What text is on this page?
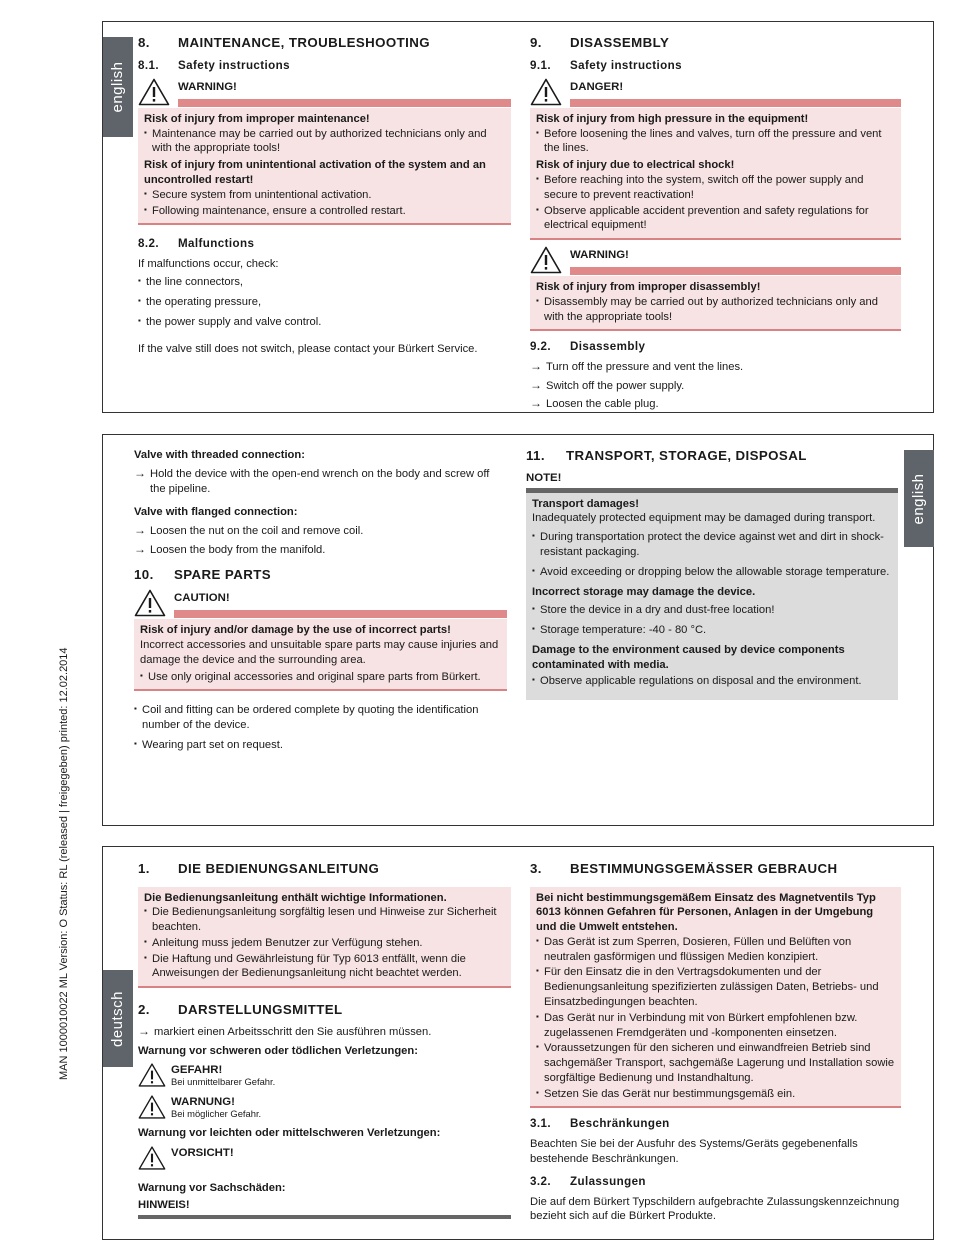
MAN 1000010022 ML Version: O Status: RL (released | freigegeben) printed: 12.02.2014
english
8. MAINTENANCE, TROUBLESHOOTING
8.1. Safety instructions
WARNING!
Risk of injury from improper maintenance!
▪ Maintenance may be carried out by authorized technicians only and with the appropriate tools!
Risk of injury from unintentional activation of the system and an uncontrolled restart!
▪ Secure system from unintentional activation.
▪ Following maintenance, ensure a controlled restart.
8.2. Malfunctions
If malfunctions occur, check:
▪ the line connectors,
▪ the operating pressure,
▪ the power supply and valve control.
If the valve still does not switch, please contact your Bürkert Service.
9. DISASSEMBLY
9.1. Safety instructions
DANGER!
Risk of injury from high pressure in the equipment!
▪ Before loosening the lines and valves, turn off the pressure and vent the lines.
Risk of injury due to electrical shock!
▪ Before reaching into the system, switch off the power supply and secure to prevent reactivation!
▪ Observe applicable accident prevention and safety regulations for electrical equipment!
WARNING!
Risk of injury from improper disassembly!
▪ Disassembly may be carried out by authorized technicians only and with the appropriate tools!
9.2. Disassembly
→ Turn off the pressure and vent the lines.
→ Switch off the power supply.
→ Loosen the cable plug.
english
Valve with threaded connection:
→ Hold the device with the open-end wrench on the body and screw off the pipeline.
Valve with flanged connection:
→ Loosen the nut on the coil and remove coil.
→ Loosen the body from the manifold.
10. SPARE PARTS
CAUTION!
Risk of injury and/or damage by the use of incorrect parts!
Incorrect accessories and unsuitable spare parts may cause injuries and damage the device and the surrounding area.
▪ Use only original accessories and original spare parts from Bürkert.
▪ Coil and fitting can be ordered complete by quoting the identification number of the device.
▪ Wearing part set on request.
11. TRANSPORT, STORAGE, DISPOSAL
NOTE!
Transport damages!
Inadequately protected equipment may be damaged during transport.
▪ During transportation protect the device against wet and dirt in shock-resistant packaging.
▪ Avoid exceeding or dropping below the allowable storage temperature.
Incorrect storage may damage the device.
▪ Store the device in a dry and dust-free location!
▪ Storage temperature: -40 - 80 °C.
Damage to the environment caused by device components contaminated with media.
▪ Observe applicable regulations on disposal and the environment.
deutsch
1. DIE BEDIENUNGSANLEITUNG
Die Bedienungsanleitung enthält wichtige Informationen.
▪ Die Bedienungsanleitung sorgfältig lesen und Hinweise zur Sicherheit beachten.
▪ Anleitung muss jedem Benutzer zur Verfügung stehen.
▪ Die Haftung und Gewährleistung für Typ 6013 entfällt, wenn die Anweisungen der Bedienungsanleitung nicht beachtet werden.
2. DARSTELLUNGSMITTEL
→ markiert einen Arbeitsschritt den Sie ausführen müssen.
Warnung vor schweren oder tödlichen Verletzungen:
GEFAHR!
Bei unmittelbarer Gefahr.
WARNUNG!
Bei möglicher Gefahr.
Warnung vor leichten oder mittelschweren Verletzungen:
VORSICHT!
Warnung vor Sachschäden:
HINWEIS!
3. BESTIMMUNGSGEMÄSSER GEBRAUCH
Bei nicht bestimmungsgemäßem Einsatz des Magnetventils Typ 6013 können Gefahren für Personen, Anlagen in der Umgebung und die Umwelt entstehen.
▪ Das Gerät ist zum Sperren, Dosieren, Füllen und Belüften von neutralen gasförmigen und flüssigen Medien konzipiert.
▪ Für den Einsatz die in den Vertragsdokumenten und der Bedienungsanleitung spezifizierten zulässigen Daten, Betriebs- und Einsatzbedingungen beachten.
▪ Das Gerät nur in Verbindung mit von Bürkert empfohlenen bzw. zugelassenen Fremdgeräten und -komponenten einsetzen.
▪ Voraussetzungen für den sicheren und einwandfreien Betrieb sind sachgemäßer Transport, sachgemäße Lagerung und Installation sowie sorgfältige Bedienung und Instandhaltung.
▪ Setzen Sie das Gerät nur bestimmungsgemäß ein.
3.1. Beschränkungen
Beachten Sie bei der Ausfuhr des Systems/Geräts gegebenenfalls bestehende Beschränkungen.
3.2. Zulassungen
Die auf dem Bürkert Typschildern aufgebrachte Zulassungskennzeichnung bezieht sich auf die Bürkert Produkte.
